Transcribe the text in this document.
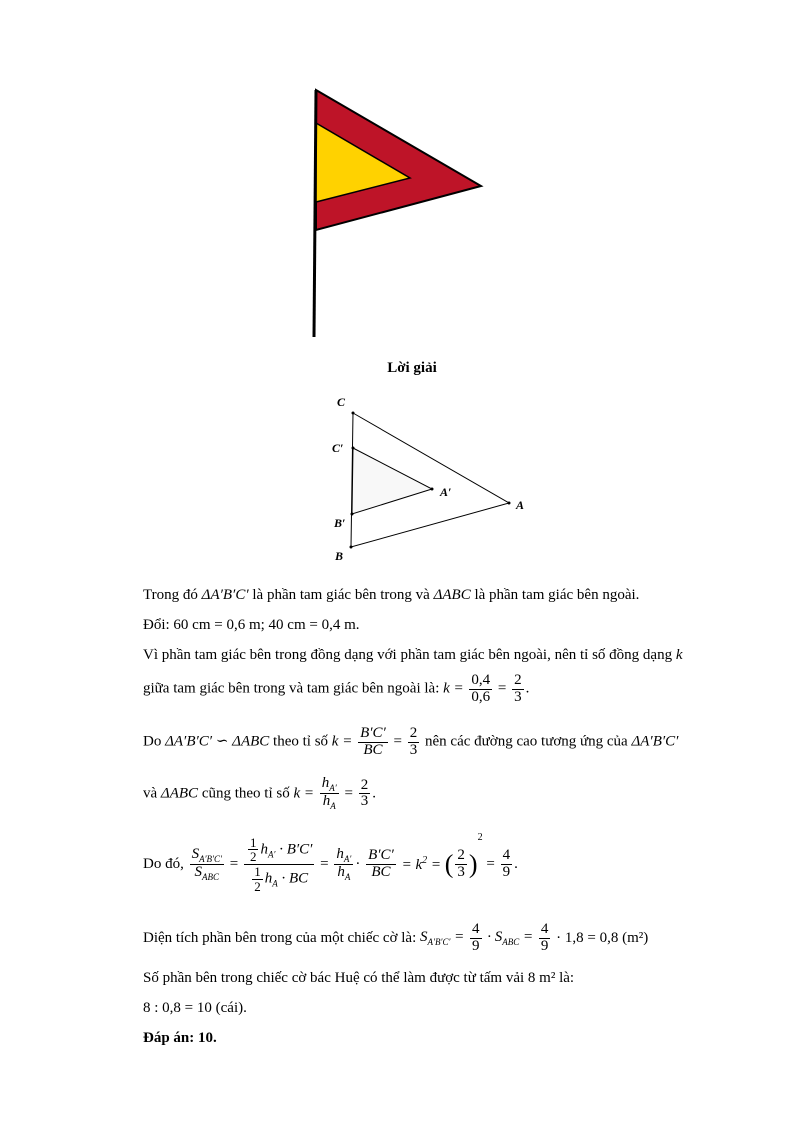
Lời giải
C
C′
A′
A
B′
B
Trong đó ΔA′B′C′ là phần tam giác bên trong và ΔABC là phần tam giác bên ngoài.
Đổi: 60 cm = 0,6 m; 40 cm = 0,4 m.
Vì phần tam giác bên trong đồng dạng với phần tam giác bên ngoài, nên tỉ số đồng dạng k
giữa tam giác bên trong và tam giác bên ngoài là: $k = \frac{0,4}{0,6} = \frac{2}{3}$ .
Do ΔA′B′C′ ∽ ΔABC theo tỉ số $k = \frac{B'C'}{BC} = \frac{2}{3}$ nên các đường cao tương ứng của ΔA′B′C′
và ΔABC cũng theo tỉ số $k = \frac{h_{A'}}{h_A} = \frac{2}{3}$ .
Do đó, $\frac{S_{A'B'C'}}{S_{ABC}} = \frac{\frac{1}{2} h_{A'} \cdot B'C'}{\frac{1}{2} h_A \cdot BC} = \frac{h_{A'}}{h_A} \cdot \frac{B'C'}{BC} = k^2$ = ( $\frac{2}{3} )^2 = \frac{4}{9}$ .
Diện tích phần bên trong của một chiếc cờ là: $S_{A'B'C'} = \frac{4}{9} \cdot S_{ABC} = \frac{4}{9} \cdot 1,8 = 0,8$ (m²)
Số phần bên trong chiếc cờ bác Huệ có thể làm được từ tấm vải 8 m² là:
8 : 0,8 = 10 (cái).
Đáp án: 10.
